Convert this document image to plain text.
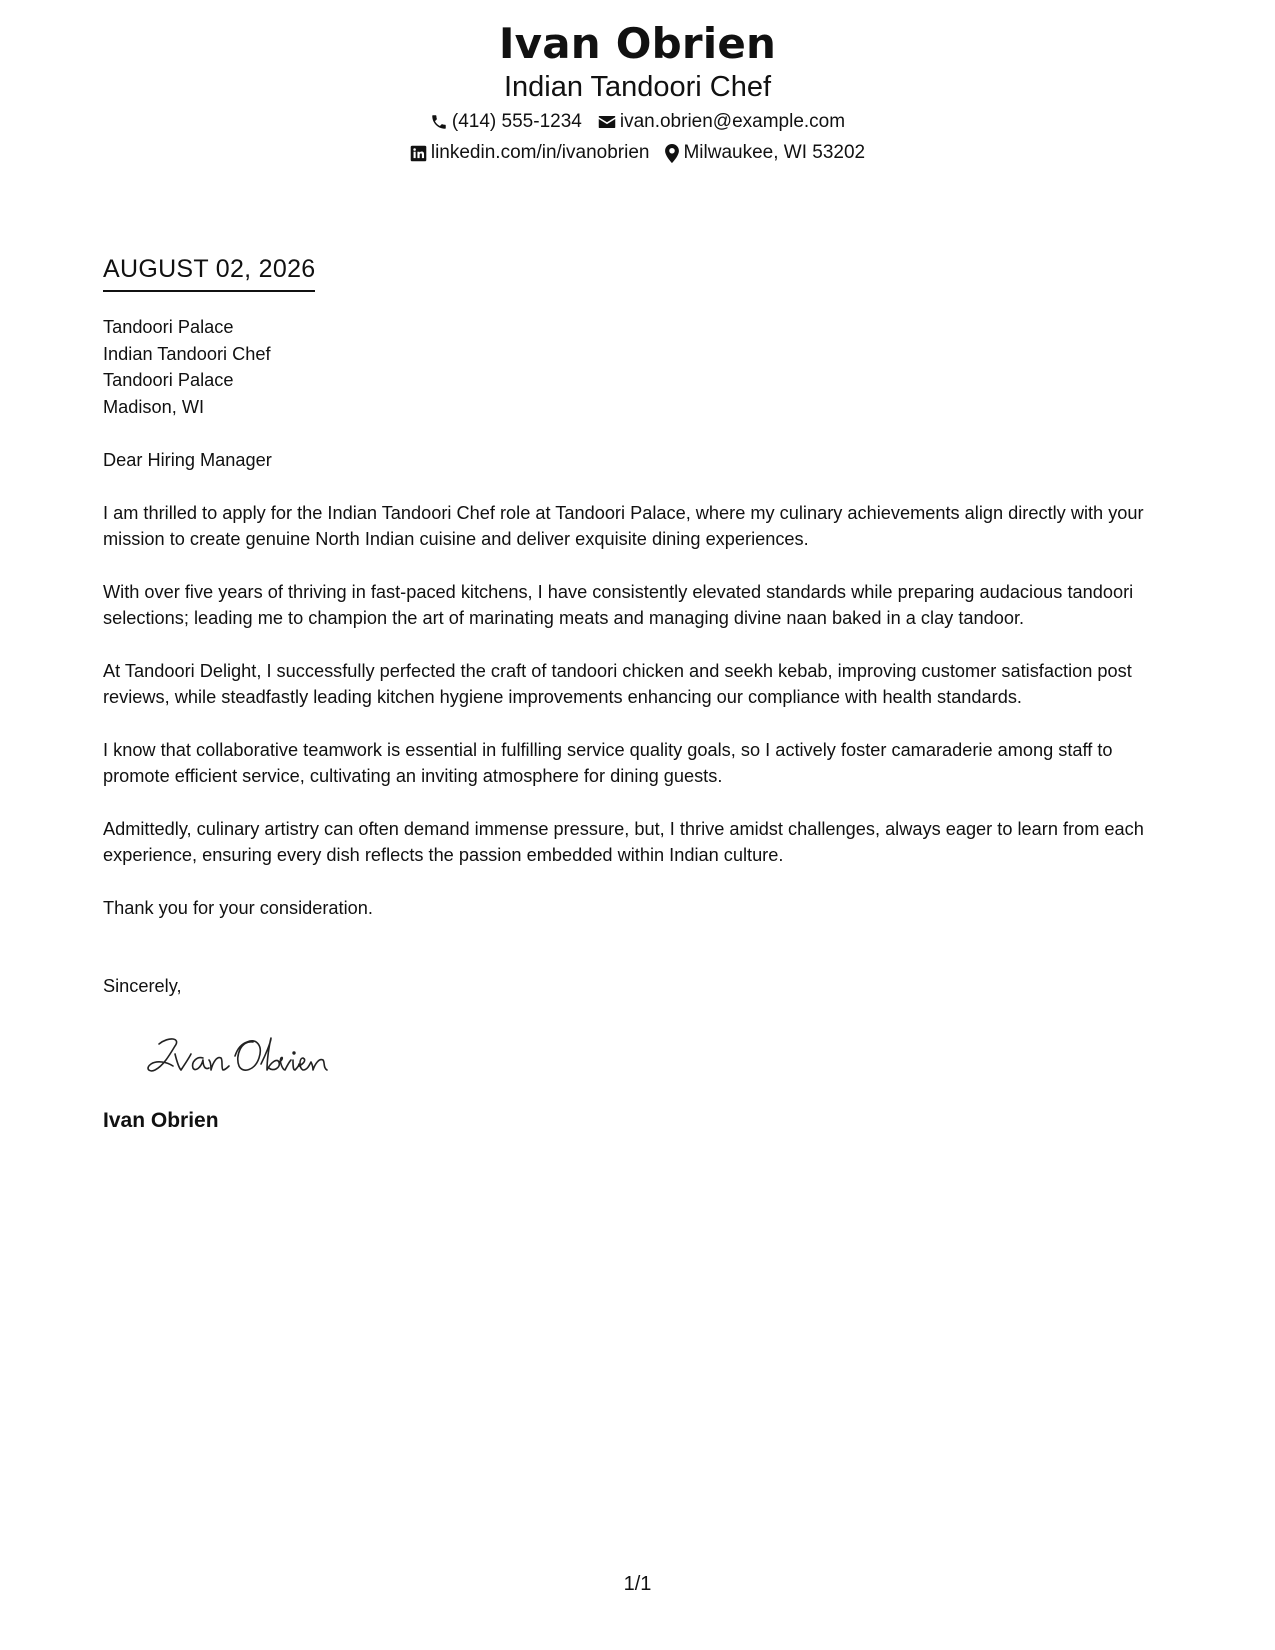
Ivan Obrien
Indian Tandoori Chef
(414) 555-1234 ivan.obrien@example.com
linkedin.com/in/ivanobrien Milwaukee, WI 53202
AUGUST 02, 2026

Tandoori Palace

Indian Tandoori Chef

Tandoori Palace

Madison, WI

Dear Hiring Manager

I am thrilled to apply for the Indian Tandoori Chef role at Tandoori Palace, where my culinary achievements align directly with your mission to create genuine North Indian cuisine and deliver exquisite dining experiences.

With over five years of thriving in fast-paced kitchens, I have consistently elevated standards while preparing audacious tandoori selections; leading me to champion the art of marinating meats and managing divine naan baked in a clay tandoor.

At Tandoori Delight, I successfully perfected the craft of tandoori chicken and seekh kebab, improving customer satisfaction post reviews, while steadfastly leading kitchen hygiene improvements enhancing our compliance with health standards.

I know that collaborative teamwork is essential in fulfilling service quality goals, so I actively foster camaraderie among staff to promote efficient service, cultivating an inviting atmosphere for dining guests.

Admittedly, culinary artistry can often demand immense pressure, but, I thrive amidst challenges, always eager to learn from each experience, ensuring every dish reflects the passion embedded within Indian culture.

Thank you for your consideration.

Sincerely,

Ivan Obrien

1/1
